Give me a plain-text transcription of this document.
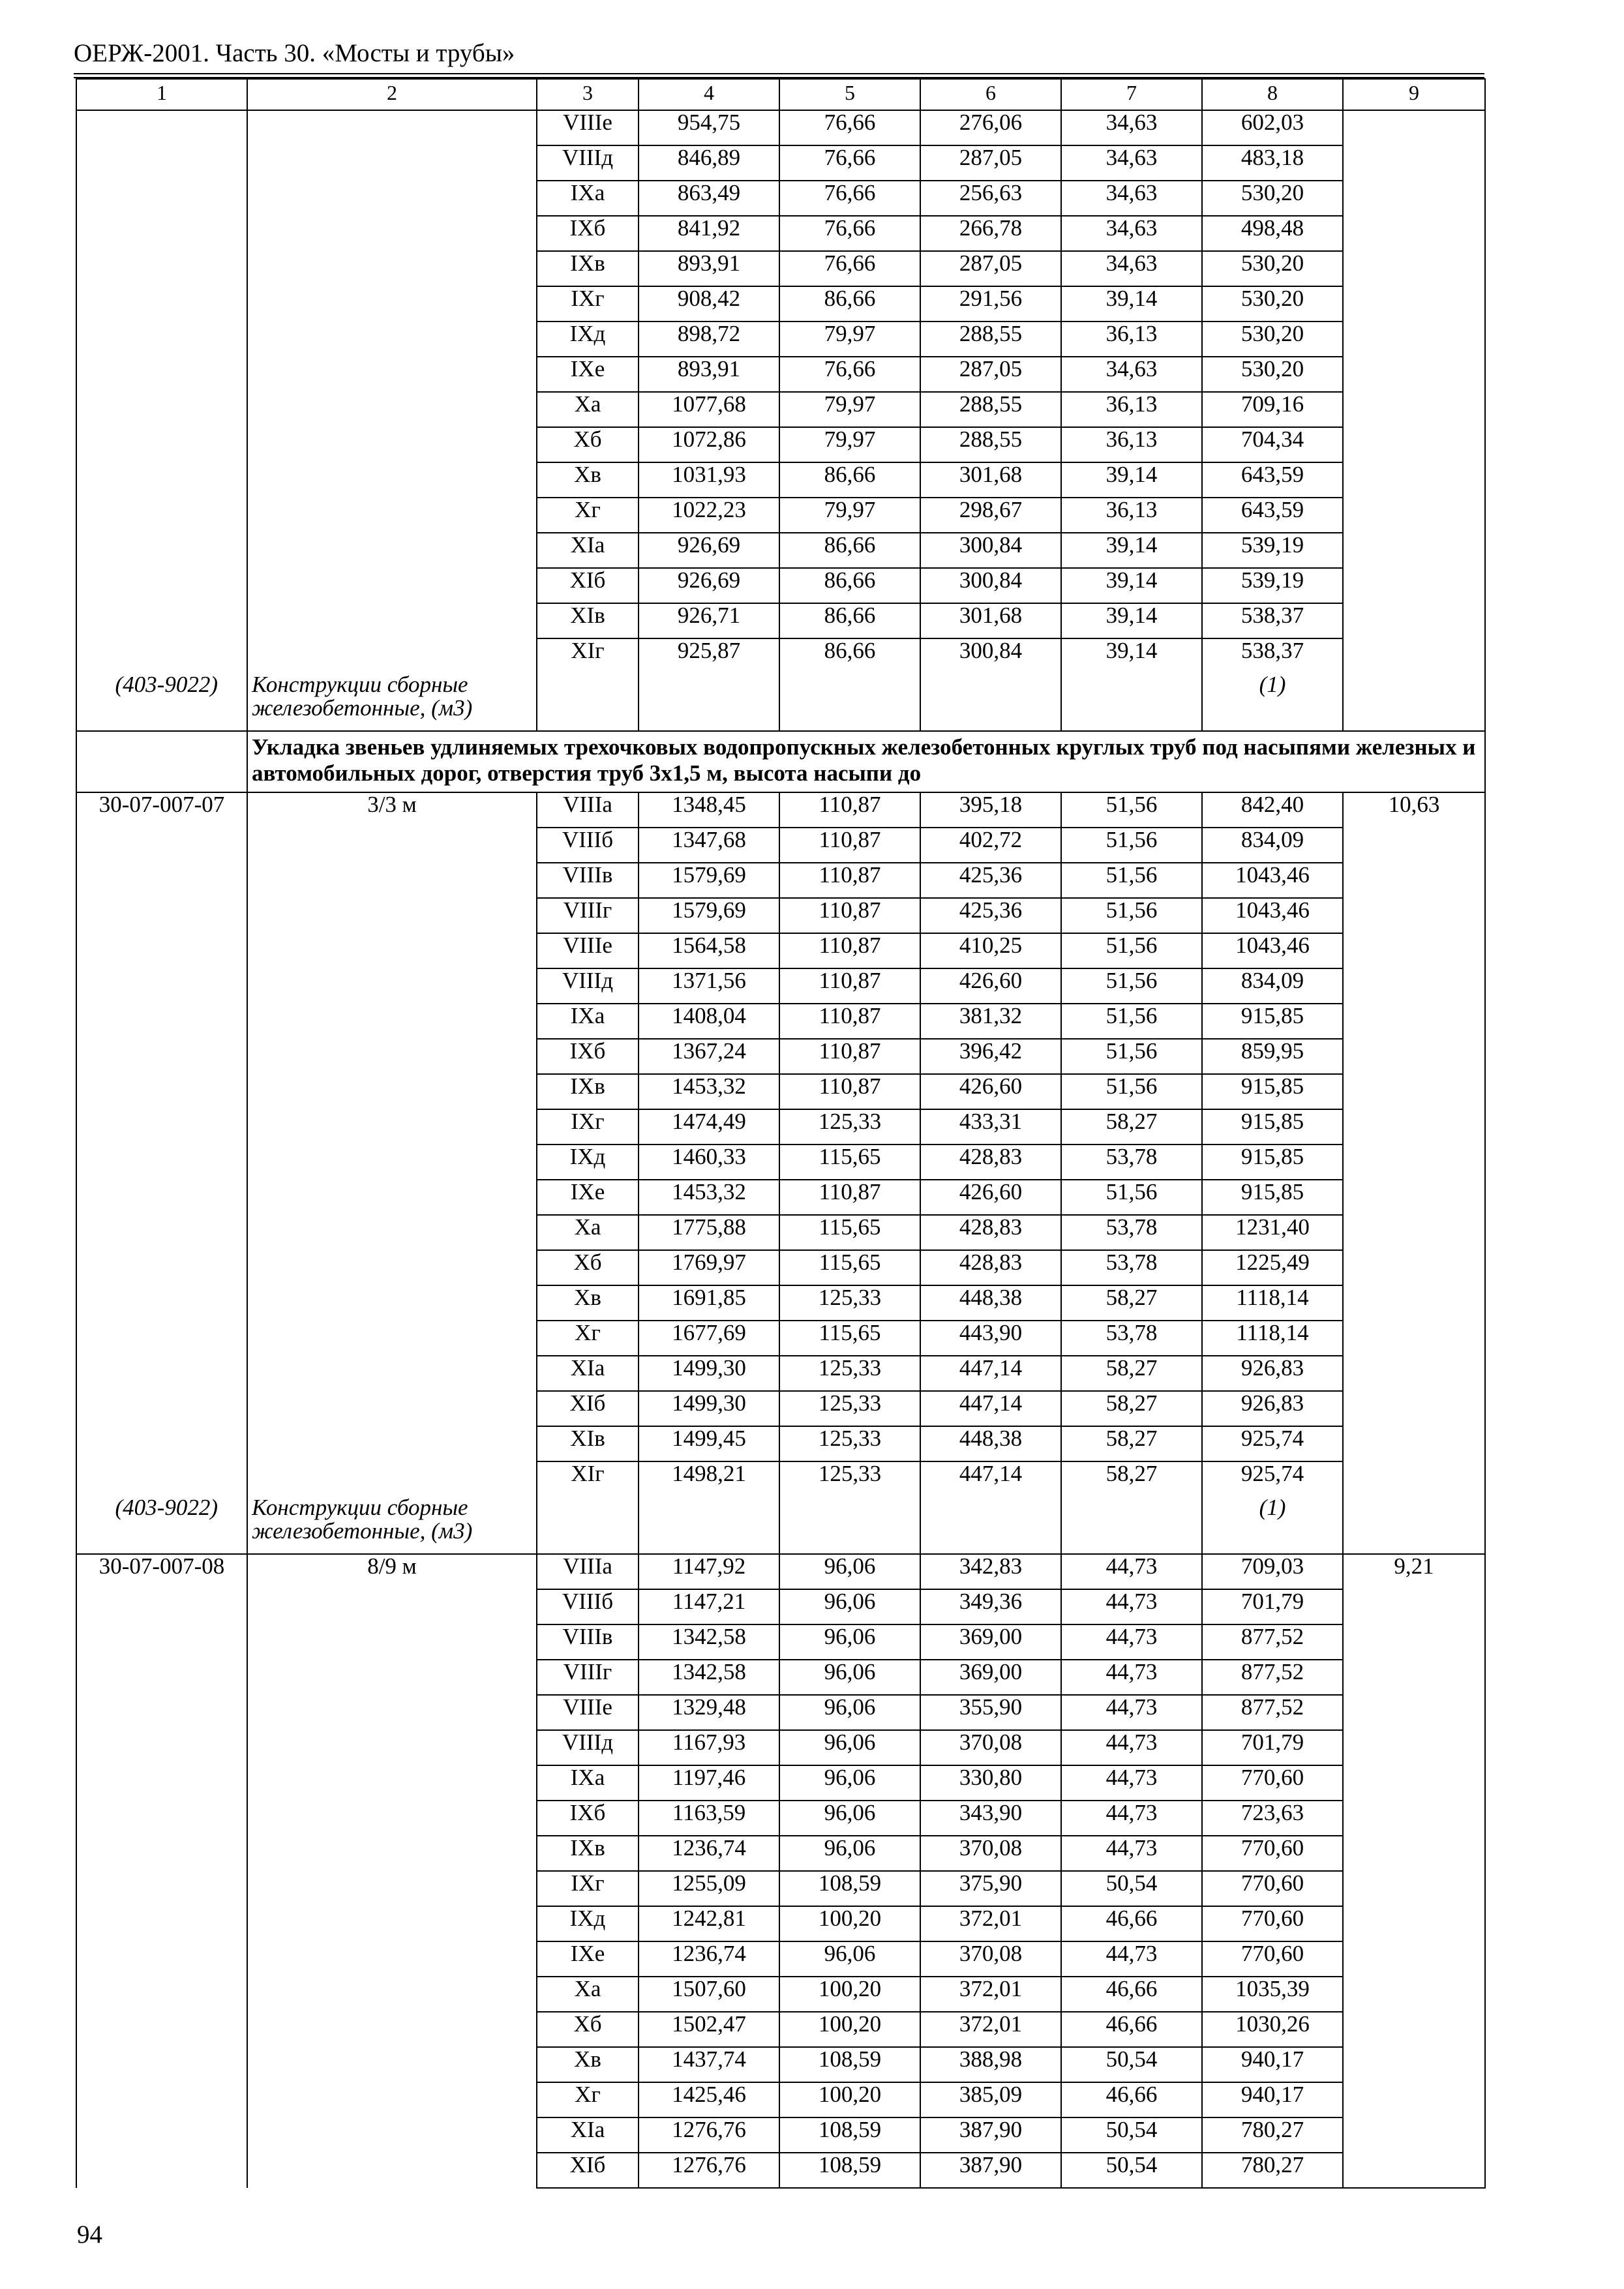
ОЕРЖ-2001. Часть 30. «Мосты и трубы»
1	2	3	4	5	6	7	8	9
		VIIIе	954,75	76,66	276,06	34,63	602,03	
		VIIIд	846,89	76,66	287,05	34,63	483,18	
		IXа	863,49	76,66	256,63	34,63	530,20	
		IXб	841,92	76,66	266,78	34,63	498,48	
		IXв	893,91	76,66	287,05	34,63	530,20	
		IXг	908,42	86,66	291,56	39,14	530,20	
		IXд	898,72	79,97	288,55	36,13	530,20	
		IXе	893,91	76,66	287,05	34,63	530,20	
		Xа	1077,68	79,97	288,55	36,13	709,16	
		Xб	1072,86	79,97	288,55	36,13	704,34	
		Xв	1031,93	86,66	301,68	39,14	643,59	
		Xг	1022,23	79,97	298,67	36,13	643,59	
		XIа	926,69	86,66	300,84	39,14	539,19	
		XIб	926,69	86,66	300,84	39,14	539,19	
		XIв	926,71	86,66	301,68	39,14	538,37	
		XIг	925,87	86,66	300,84	39,14	538,37	
(403-9022)	Конструкции сборные железобетонные, (м3)						(1)	
	Укладка звеньев удлиняемых трехочковых водопропускных железобетонных круглых труб под насыпями железных и автомобильных дорог, отверстия труб 3х1,5 м, высота насыпи до							
30-07-007-07	3/3 м	VIIIа	1348,45	110,87	395,18	51,56	842,40	10,63
		VIIIб	1347,68	110,87	402,72	51,56	834,09	
		VIIIв	1579,69	110,87	425,36	51,56	1043,46	
		VIIIг	1579,69	110,87	425,36	51,56	1043,46	
		VIIIе	1564,58	110,87	410,25	51,56	1043,46	
		VIIIд	1371,56	110,87	426,60	51,56	834,09	
		IXа	1408,04	110,87	381,32	51,56	915,85	
		IXб	1367,24	110,87	396,42	51,56	859,95	
		IXв	1453,32	110,87	426,60	51,56	915,85	
		IXг	1474,49	125,33	433,31	58,27	915,85	
		IXд	1460,33	115,65	428,83	53,78	915,85	
		IXе	1453,32	110,87	426,60	51,56	915,85	
		Xа	1775,88	115,65	428,83	53,78	1231,40	
		Xб	1769,97	115,65	428,83	53,78	1225,49	
		Xв	1691,85	125,33	448,38	58,27	1118,14	
		Xг	1677,69	115,65	443,90	53,78	1118,14	
		XIа	1499,30	125,33	447,14	58,27	926,83	
		XIб	1499,30	125,33	447,14	58,27	926,83	
		XIв	1499,45	125,33	448,38	58,27	925,74	
		XIг	1498,21	125,33	447,14	58,27	925,74	
(403-9022)	Конструкции сборные железобетонные, (м3)						(1)	
30-07-007-08	8/9 м	VIIIа	1147,92	96,06	342,83	44,73	709,03	9,21
		VIIIб	1147,21	96,06	349,36	44,73	701,79	
		VIIIв	1342,58	96,06	369,00	44,73	877,52	
		VIIIг	1342,58	96,06	369,00	44,73	877,52	
		VIIIе	1329,48	96,06	355,90	44,73	877,52	
		VIIIд	1167,93	96,06	370,08	44,73	701,79	
		IXа	1197,46	96,06	330,80	44,73	770,60	
		IXб	1163,59	96,06	343,90	44,73	723,63	
		IXв	1236,74	96,06	370,08	44,73	770,60	
		IXг	1255,09	108,59	375,90	50,54	770,60	
		IXд	1242,81	100,20	372,01	46,66	770,60	
		IXе	1236,74	96,06	370,08	44,73	770,60	
		Xа	1507,60	100,20	372,01	46,66	1035,39	
		Xб	1502,47	100,20	372,01	46,66	1030,26	
		Xв	1437,74	108,59	388,98	50,54	940,17	
		Xг	1425,46	100,20	385,09	46,66	940,17	
		XIа	1276,76	108,59	387,90	50,54	780,27	
		XIб	1276,76	108,59	387,90	50,54	780,27	
94
